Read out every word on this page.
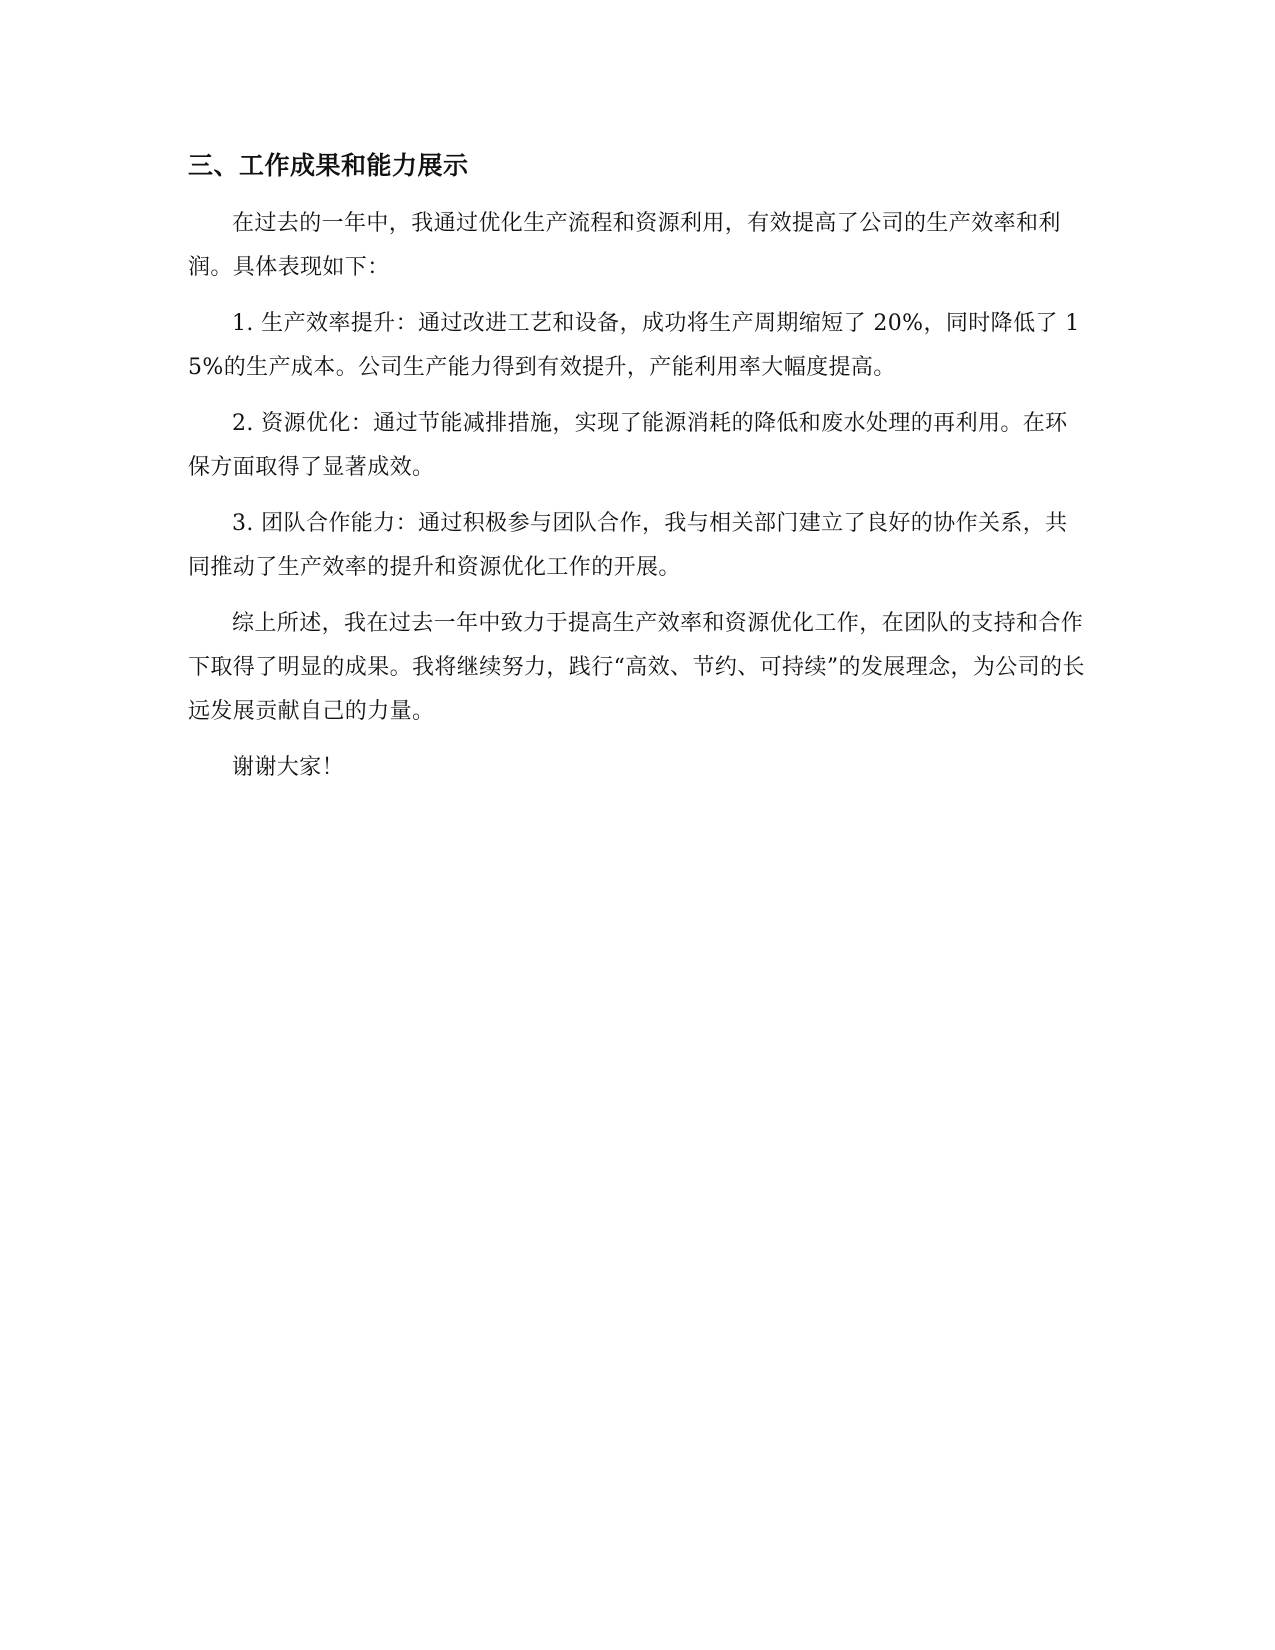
三、工作成果和能力展示

在过去的一年中，我通过优化生产流程和资源利用，有效提高了公司的生产效率和利润。具体表现如下：

1. 生产效率提升：通过改进工艺和设备，成功将生产周期缩短了 20%，同时降低了 15%的生产成本。公司生产能力得到有效提升，产能利用率大幅度提高。

2. 资源优化：通过节能减排措施，实现了能源消耗的降低和废水处理的再利用。在环保方面取得了显著成效。

3. 团队合作能力：通过积极参与团队合作，我与相关部门建立了良好的协作关系，共同推动了生产效率的提升和资源优化工作的开展。

综上所述，我在过去一年中致力于提高生产效率和资源优化工作，在团队的支持和合作下取得了明显的成果。我将继续努力，践行“高效、节约、可持续”的发展理念，为公司的长远发展贡献自己的力量。

谢谢大家！
